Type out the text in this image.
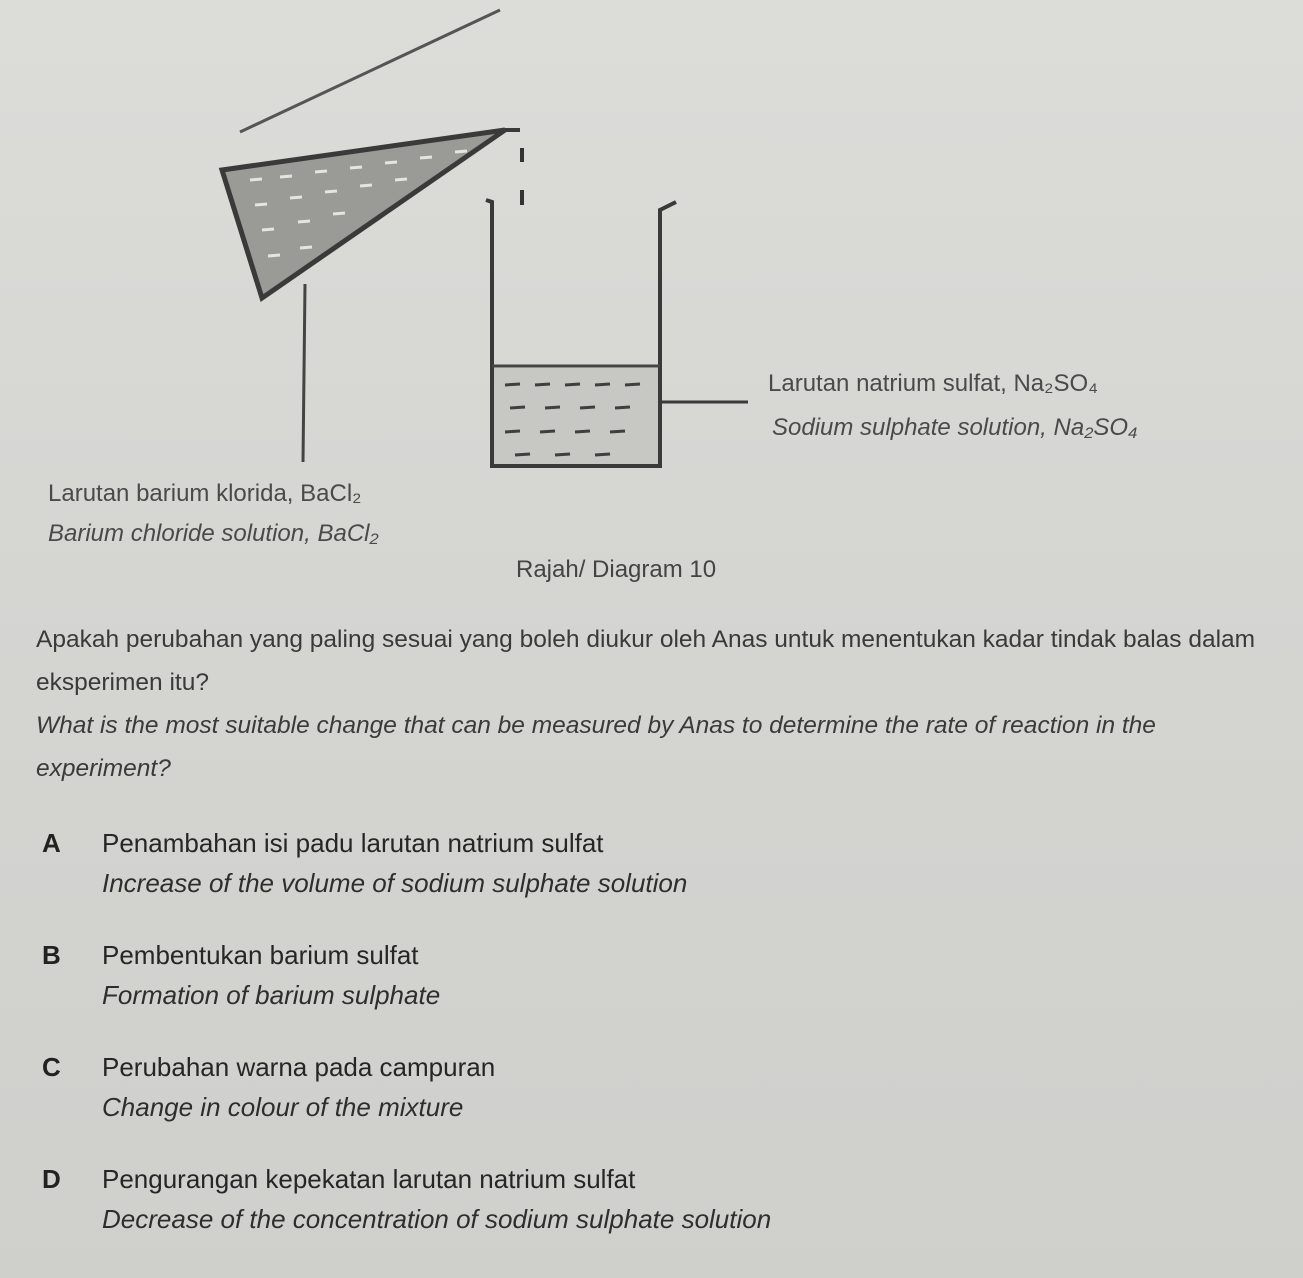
Larutan natrium sulfat, Na₂SO₄
Sodium sulphate solution, Na₂SO₄
Larutan barium klorida, BaCl₂
Barium chloride solution, BaCl₂
Rajah/ Diagram 10
Apakah perubahan yang paling sesuai yang boleh diukur oleh Anas untuk menentukan kadar tindak balas dalam eksperimen itu?
What is the most suitable change that can be measured by Anas to determine the rate of reaction in the experiment?
A Penambahan isi padu larutan natrium sulfat
Increase of the volume of sodium sulphate solution
B Pembentukan barium sulfat
Formation of barium sulphate
C Perubahan warna pada campuran
Change in colour of the mixture
D Pengurangan kepekatan larutan natrium sulfat
Decrease of the concentration of sodium sulphate solution
